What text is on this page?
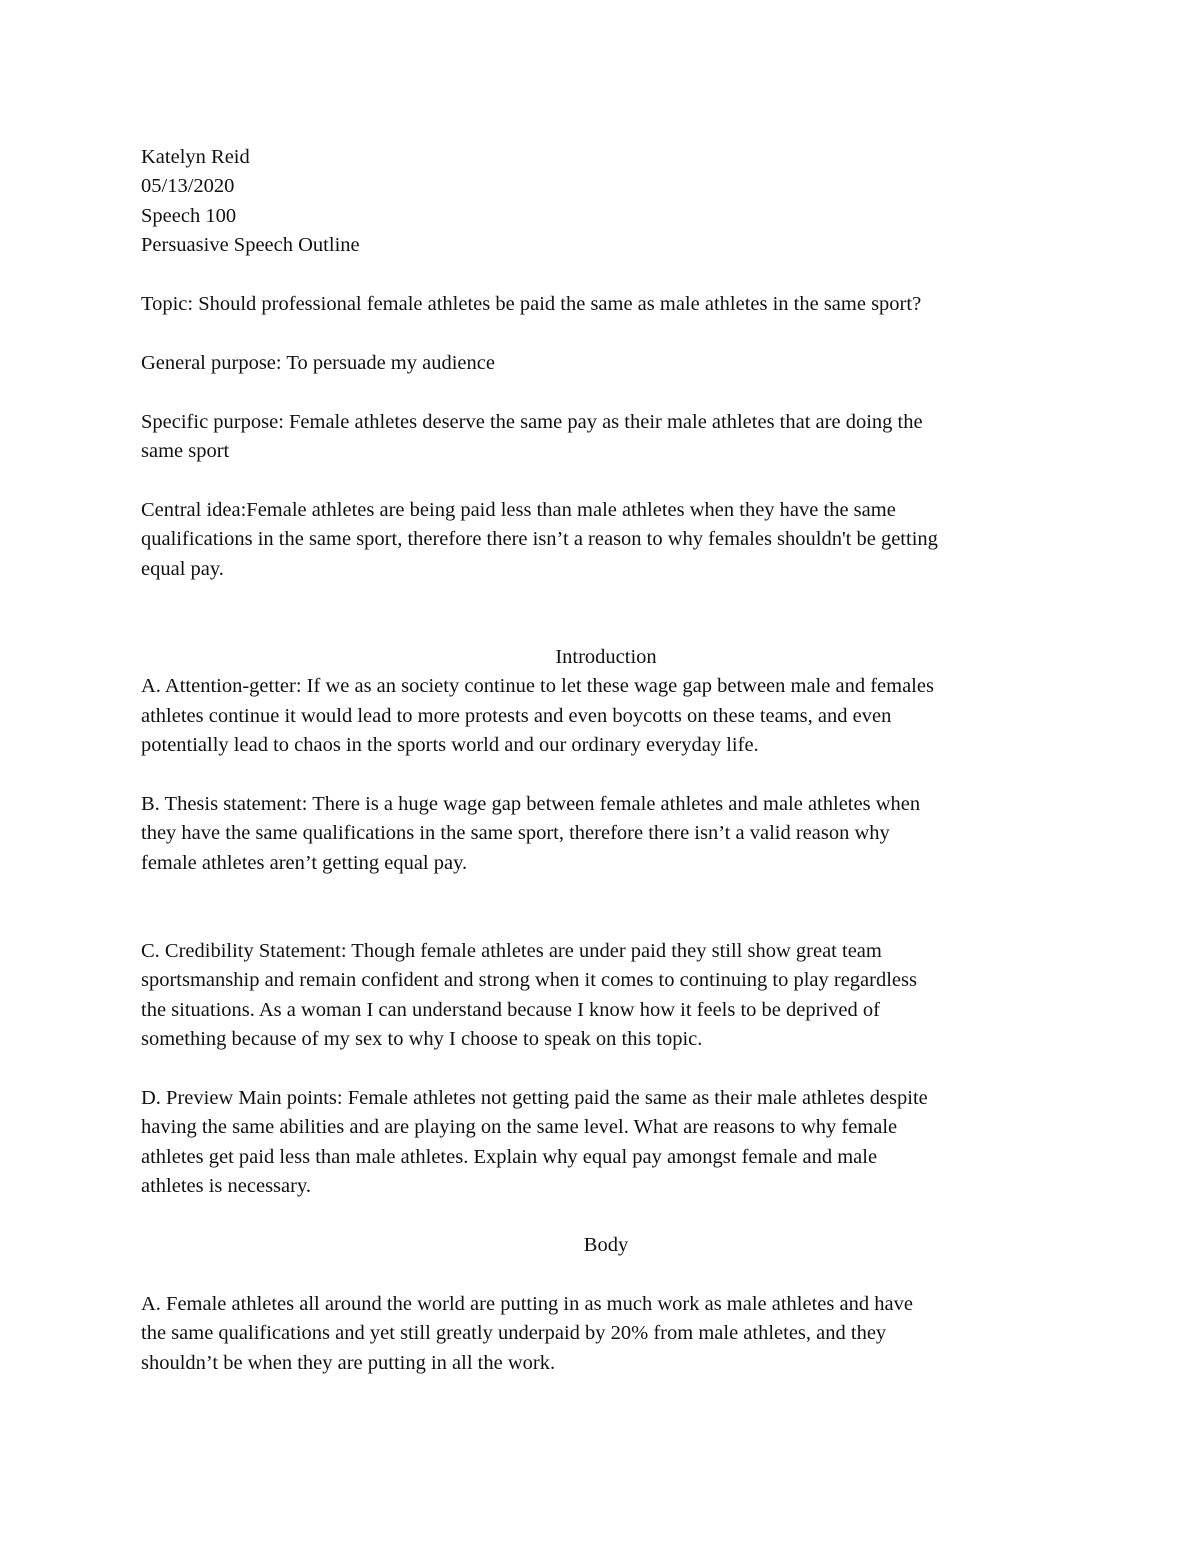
Katelyn Reid
05/13/2020
Speech 100
Persuasive Speech Outline
Topic: Should professional female athletes be paid the same as male athletes in the same sport?
General purpose: To persuade my audience
Specific purpose: Female athletes deserve the same pay as their male athletes that are doing the
same sport
Central idea:Female athletes are being paid less than male athletes when they have the same
qualifications in the same sport, therefore there isn’t a reason to why females shouldn't be getting
equal pay.
Introduction
A. Attention-getter: If we as an society continue to let these wage gap between male and females
athletes continue it would lead to more protests and even boycotts on these teams, and even
potentially lead to chaos in the sports world and our ordinary everyday life.
B. Thesis statement: There is a huge wage gap between female athletes and male athletes when
they have the same qualifications in the same sport, therefore there isn’t a valid reason why
female athletes aren’t getting equal pay.
C. Credibility Statement: Though female athletes are under paid they still show great team
sportsmanship and remain confident and strong when it comes to continuing to play regardless
the situations. As a woman I can understand because I know how it feels to be deprived of
something because of my sex to why I choose to speak on this topic.
D. Preview Main points: Female athletes not getting paid the same as their male athletes despite
having the same abilities and are playing on the same level. What are reasons to why female
athletes get paid less than male athletes. Explain why equal pay amongst female and male
athletes is necessary.
Body
A. Female athletes all around the world are putting in as much work as male athletes and have
the same qualifications and yet still greatly underpaid by 20% from male athletes, and they
shouldn’t be when they are putting in all the work.
